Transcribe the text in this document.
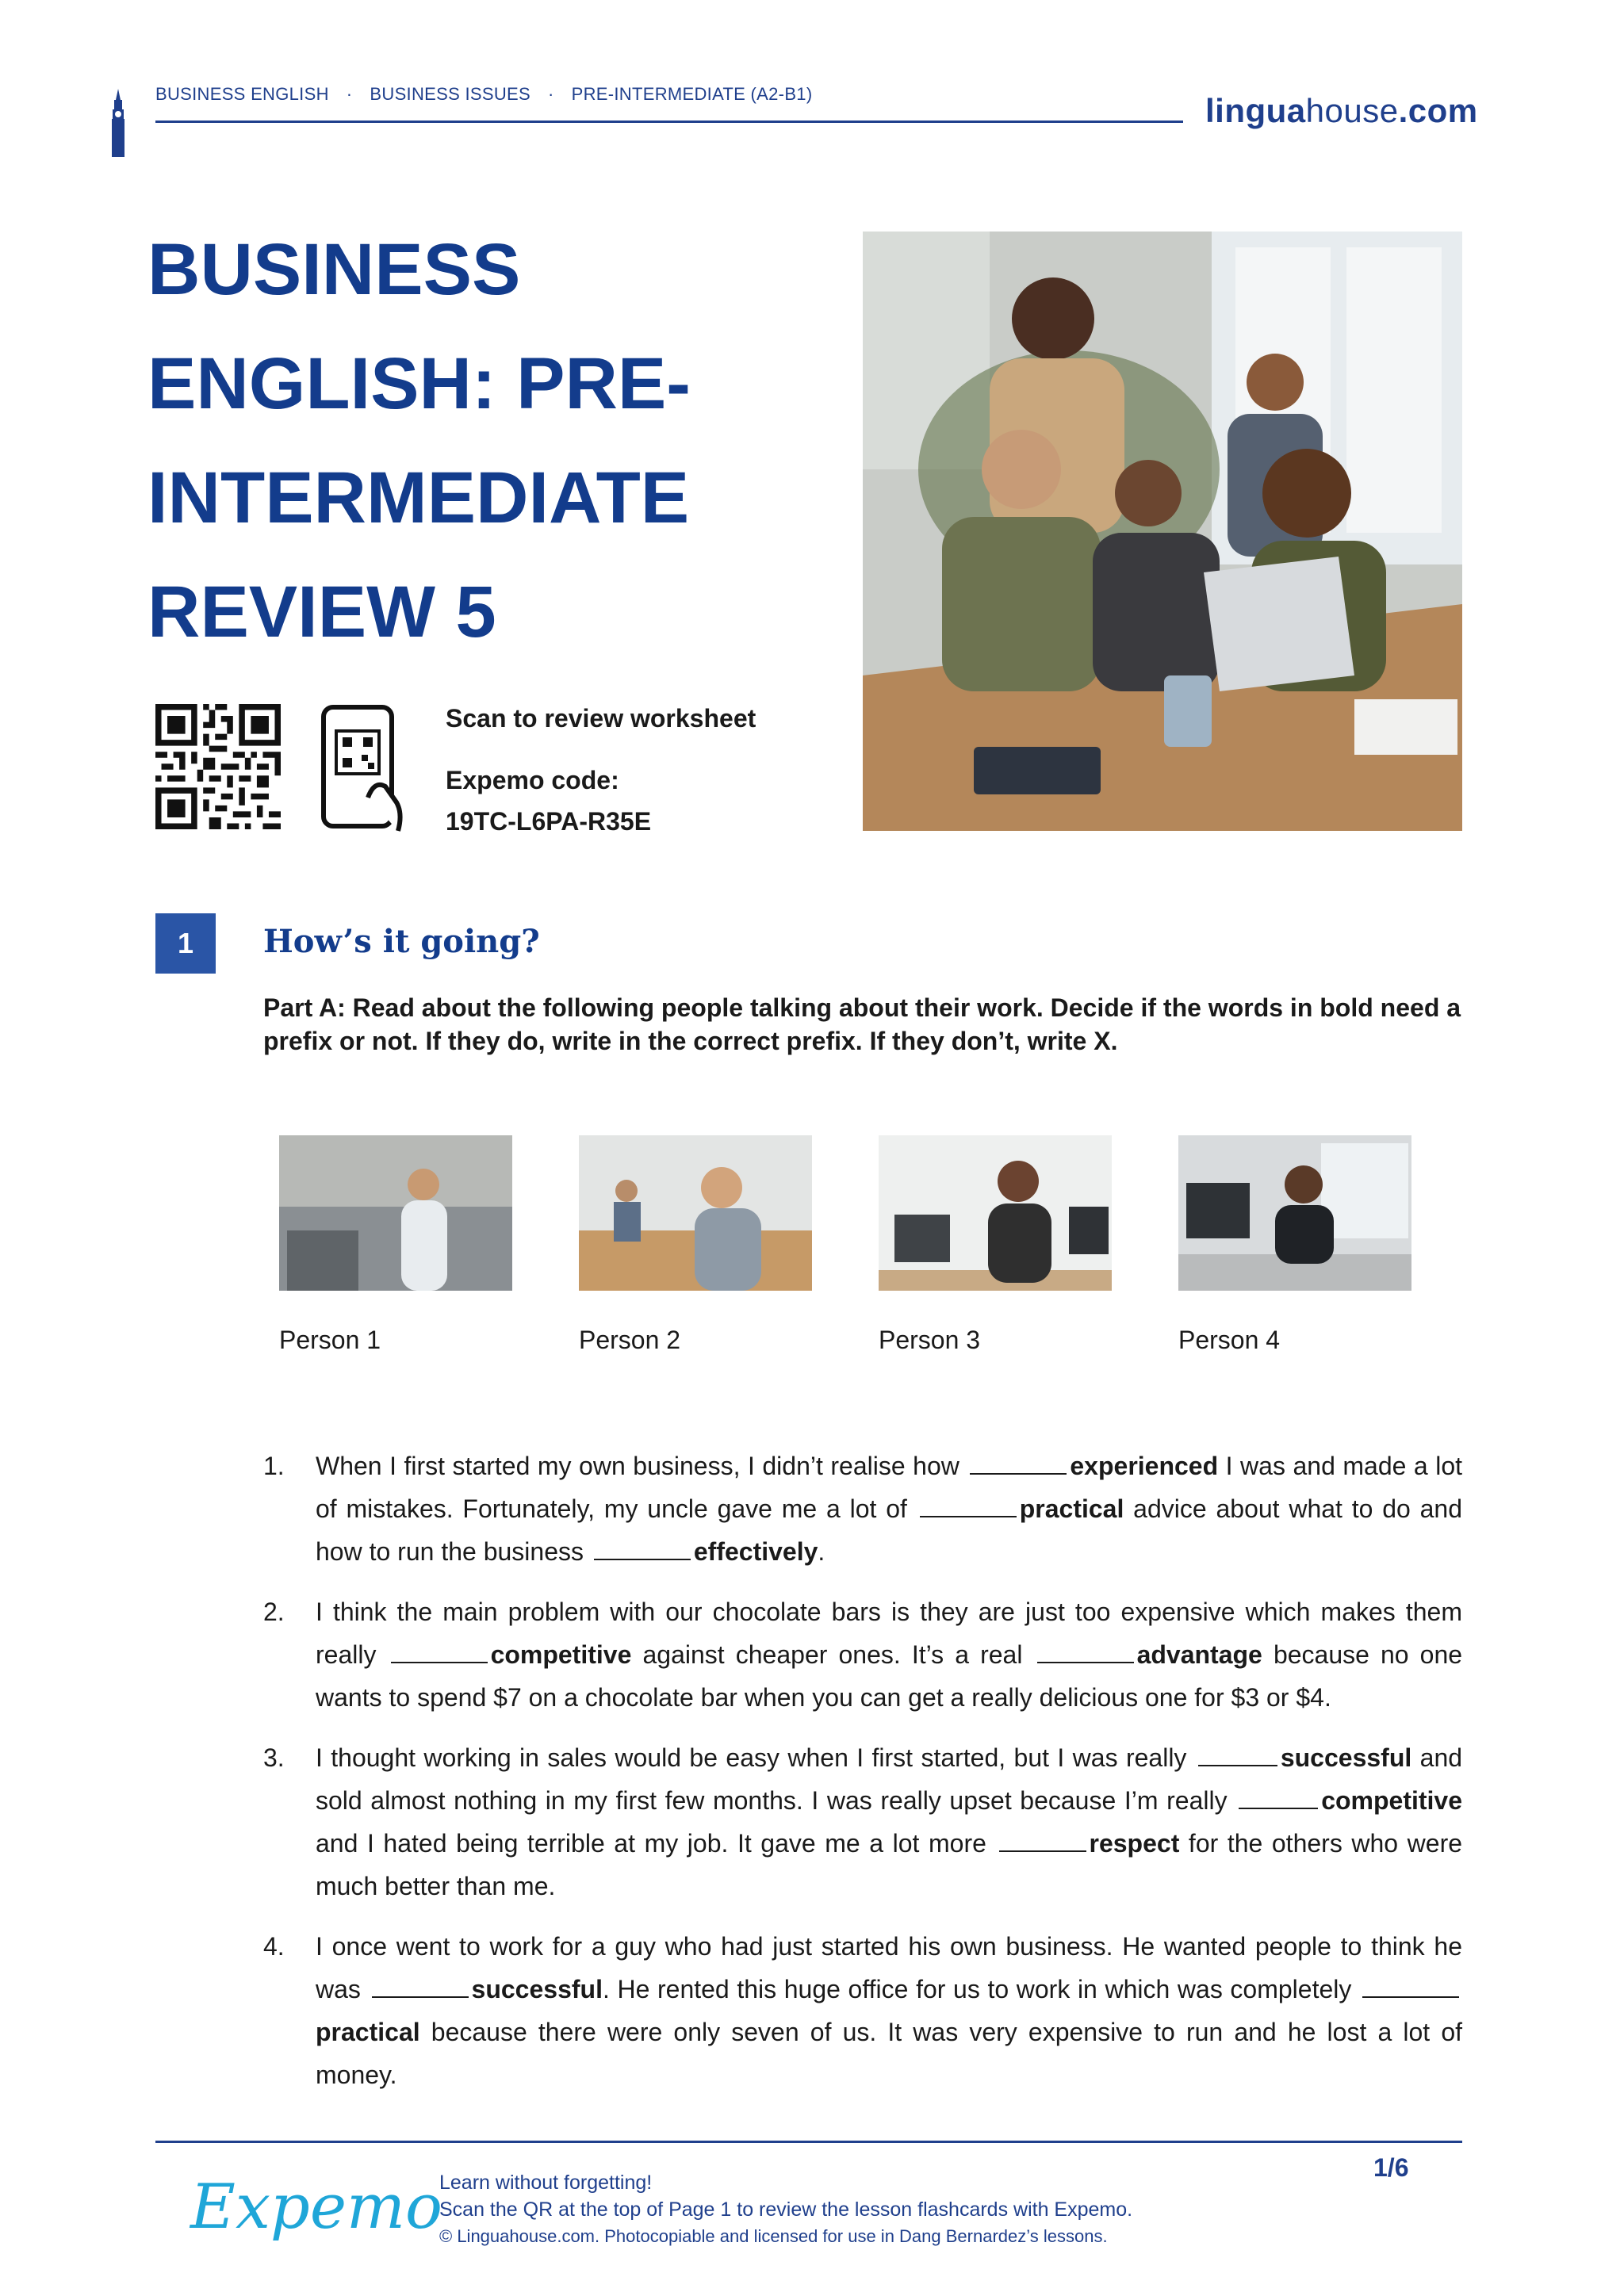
BUSINESS ENGLISH · BUSINESS ISSUES · PRE-INTERMEDIATE (A2-B1)	linguahouse.com
BUSINESS ENGLISH: PRE-INTERMEDIATE REVIEW 5
Scan to review worksheet
Expemo code:
19TC-L6PA-R35E
1	How’s it going?

Part A: Read about the following people talking about their work. Decide if the words in bold need a prefix or not. If they do, write in the correct prefix. If they don’t, write X.

Person 1	Person 2	Person 3	Person 4
1. When I first started my own business, I didn’t realise how	experienced I was and made a lot of mistakes. Fortunately, my uncle gave me a lot of	practical advice about what to do and how to run the business	effectively.
2. I think the main problem with our chocolate bars is they are just too expensive which makes them really	competitive against cheaper ones. It’s a real	advantage because no one wants to spend $7 on a chocolate bar when you can get a really delicious one for $3 or $4.
3. I thought working in sales would be easy when I first started, but I was really	successful and sold almost nothing in my first few months. I was really upset because I’m really	competitive and I hated being terrible at my job. It gave me a lot more	respect for the others who were much better than me.
4. I once went to work for a guy who had just started his own business. He wanted people to think he was	successful. He rented this huge office for us to work in which was completely practical because there were only seven of us. It was very expensive to run and he lost a lot of money.
Expemo
Learn without forgetting!
Scan the QR at the top of Page 1 to review the lesson flashcards with Expemo.
© Linguahouse.com. Photocopiable and licensed for use in Dang Bernardez’s lessons.
1/6
